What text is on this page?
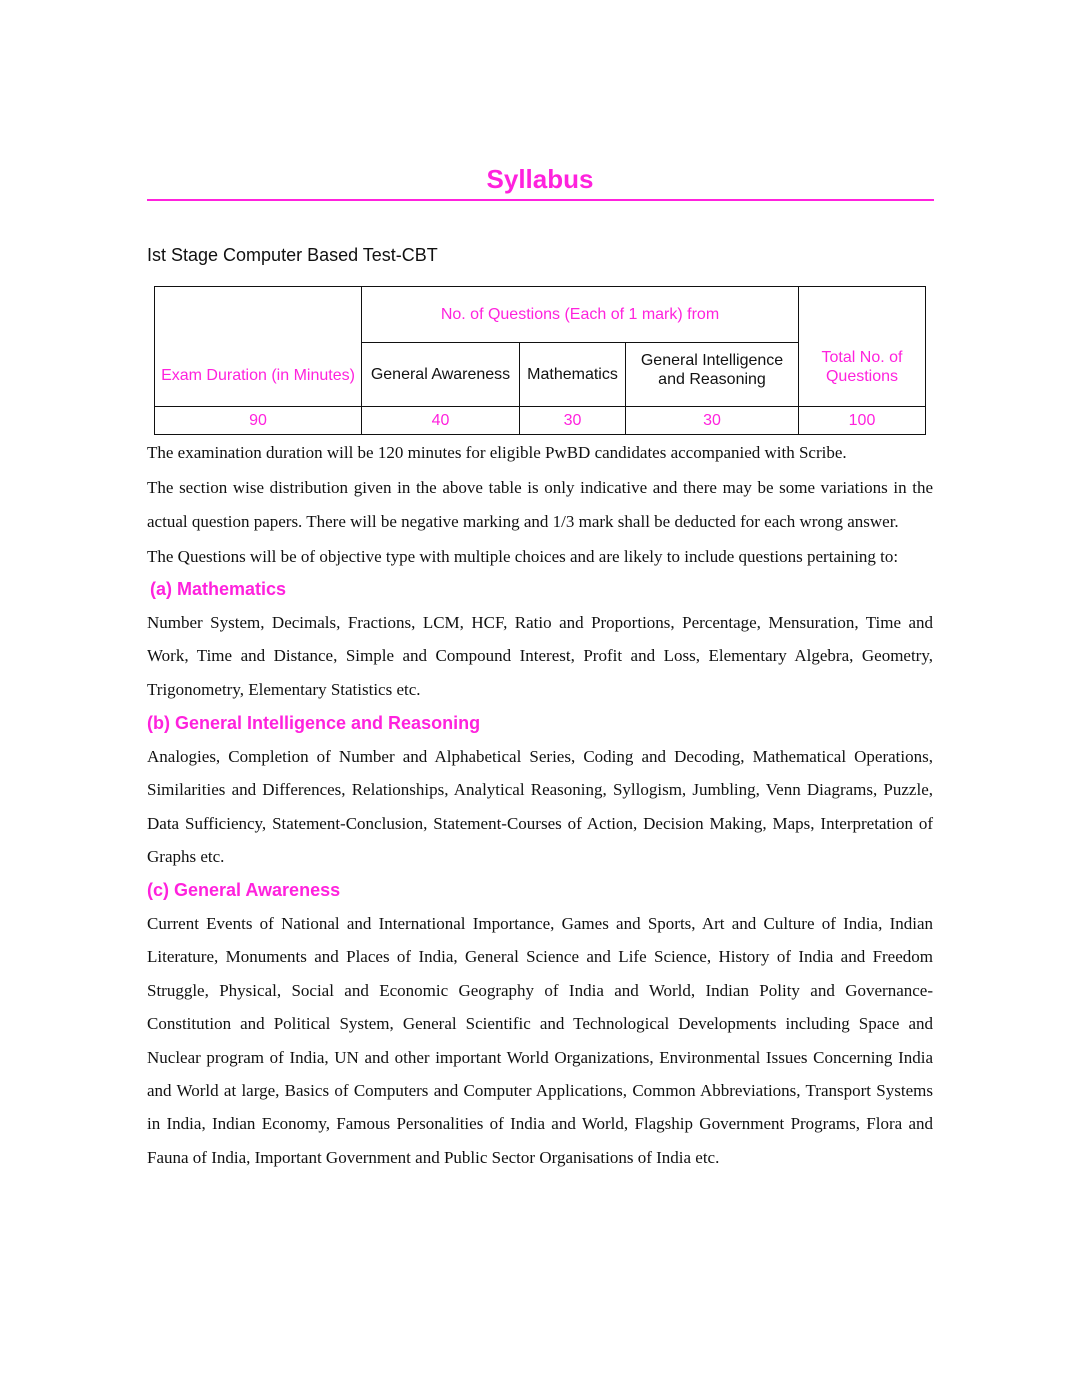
Syllabus
Ist Stage Computer Based Test-CBT
Exam Duration (in Minutes)	No. of Questions (Each of 1 mark) from			Total No. of Questions
	General Awareness	Mathematics	General Intelligence and Reasoning	
90	40	30	30	100

The examination duration will be 120 minutes for eligible PwBD candidates accompanied with Scribe.

The section wise distribution given in the above table is only indicative and there may be some variations in the actual question papers. There will be negative marking and 1/3 mark shall be deducted for each wrong answer.

The Questions will be of objective type with multiple choices and are likely to include questions pertaining to:

(a) Mathematics

Number System, Decimals, Fractions, LCM, HCF, Ratio and Proportions, Percentage, Mensuration, Time and Work, Time and Distance, Simple and Compound Interest, Profit and Loss, Elementary Algebra, Geometry, Trigonometry, Elementary Statistics etc.

(b) General Intelligence and Reasoning

Analogies, Completion of Number and Alphabetical Series, Coding and Decoding, Mathematical Operations, Similarities and Differences, Relationships, Analytical Reasoning, Syllogism, Jumbling, Venn Diagrams, Puzzle, Data Sufficiency, Statement-Conclusion, Statement-Courses of Action, Decision Making, Maps, Interpretation of Graphs etc.

(c) General Awareness

Current Events of National and International Importance, Games and Sports, Art and Culture of India, Indian Literature, Monuments and Places of India, General Science and Life Science, History of India and Freedom Struggle, Physical, Social and Economic Geography of India and World, Indian Polity and Governance-Constitution and Political System, General Scientific and Technological Developments including Space and Nuclear program of India, UN and other important World Organizations, Environmental Issues Concerning India and World at large, Basics of Computers and Computer Applications, Common Abbreviations, Transport Systems in India, Indian Economy, Famous Personalities of India and World, Flagship Government Programs, Flora and Fauna of India, Important Government and Public Sector Organisations of India etc.
